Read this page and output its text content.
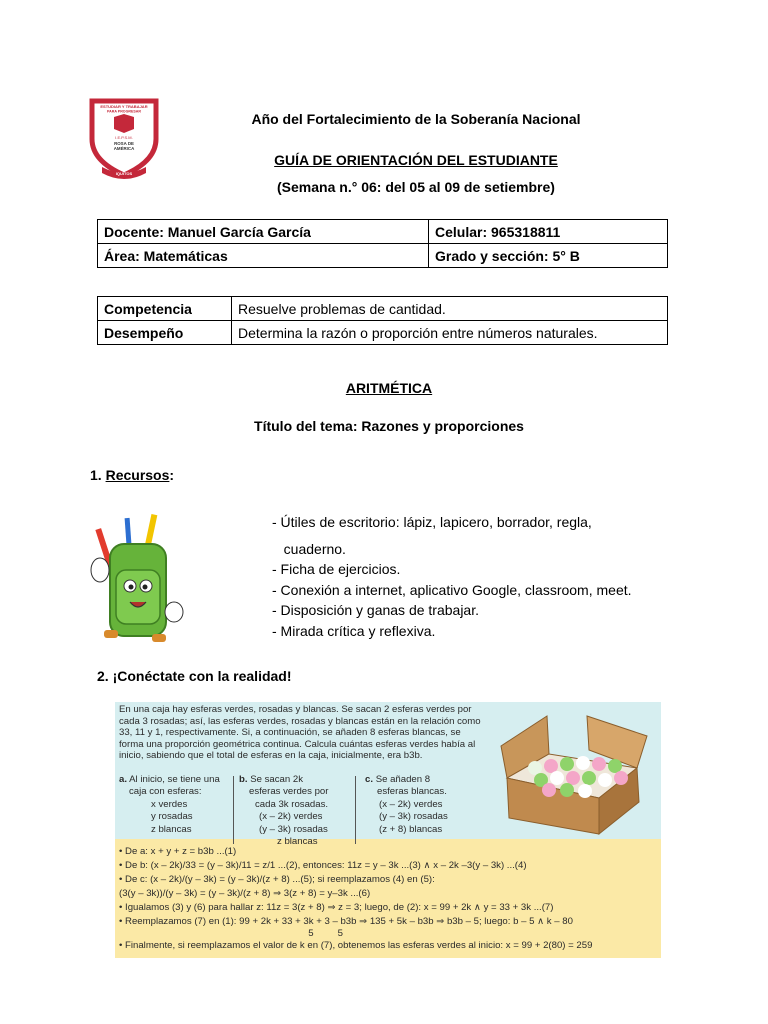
ESTUDIAR Y TRABAJAR
PARA PROGRESAR
I.E.P.S.M.
ROSA DE
AMÉRICA
IQUITOS
Año del Fortalecimiento de la Soberanía Nacional
GUÍA DE ORIENTACIÓN DEL ESTUDIANTE
(Semana n.° 06: del 05 al 09 de setiembre)
Docente: Manuel García García	Celular: 965318811
Área: Matemáticas	Grado y sección: 5° B
Competencia	Resuelve problemas de cantidad.
Desempeño	Determina la razón o proporción entre números naturales.
ARITMÉTICA
Título del tema: Razones y proporciones
1. Recursos:
- Útiles de escritorio: lápiz, lapicero, borrador, regla,
cuaderno.
- Ficha de ejercicios.
- Conexión a internet, aplicativo Google, classroom, meet.
- Disposición y ganas de trabajar.
- Mirada crítica y reflexiva.
2. ¡Conéctate con la realidad!
En una caja hay esferas verdes, rosadas y blancas. Se sacan 2 esferas verdes por cada 3 rosadas; así, las esferas verdes, rosadas y blancas están en la relación como 33, 11 y 1, respectivamente. Si, a continuación, se añaden 8 esferas blancas, se forma una proporción geométrica continua. Calcula cuántas esferas verdes había al inicio, sabiendo que el total de esferas en la caja, inicialmente, era b3b.
a. Al inicio, se tiene una
caja con esferas:
x verdes
y rosadas
z blancas
b. Se sacan 2k
esferas verdes por
cada 3k rosadas.
(x – 2k) verdes
(y – 3k) rosadas
z blancas
c. Se añaden 8
esferas blancas.
(x – 2k) verdes
(y – 3k) rosadas
(z + 8) blancas
• De a: x + y + z = b3b ...(1)
• De b: (x – 2k)/33 = (y – 3k)/11 = z/1 ...(2), entonces: 11z = y – 3k ...(3) ∧ x – 2k –3(y – 3k) ...(4)
• De c: (x – 2k)/(y – 3k) = (y – 3k)/(z + 8) ...(5); si reemplazamos (4) en (5):
(3(y – 3k))/(y – 3k) = (y – 3k)/(z + 8) ⇒ 3(z + 8) = y–3k ...(6)
• Igualamos (3) y (6) para hallar z: 11z = 3(z + 8) ⇒ z = 3; luego, de (2): x = 99 + 2k ∧ y = 33 + 3k ...(7)
• Reemplazamos (7) en (1): 99 + 2k + 33 + 3k + 3 – b3b ⇒ 135 + 5k – b3b ⇒ b3b – 5; luego: b – 5 ∧ k – 80
5         5
• Finalmente, si reemplazamos el valor de k en (7), obtenemos las esferas verdes al inicio: x = 99 + 2(80) = 259
